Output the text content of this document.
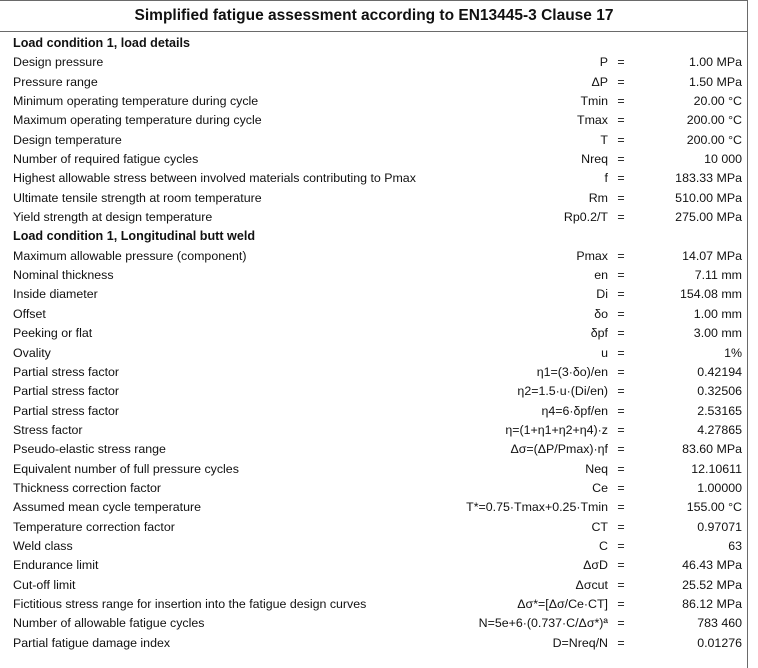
Simplified fatigue assessment according to EN13445-3 Clause 17
Load condition 1, load details
Design pressure	P =	1.00 MPa
Pressure range	ΔP =	1.50 MPa
Minimum operating temperature during cycle	Tmin =	20.00 °C
Maximum operating temperature during cycle	Tmax =	200.00 °C
Design temperature	T =	200.00 °C
Number of required fatigue cycles	Nreq =	10 000
Highest allowable stress between involved materials contributing to Pmax	f =	183.33 MPa
Ultimate tensile strength at room temperature	Rm =	510.00 MPa
Yield strength at design temperature	Rp0.2/T =	275.00 MPa
Load condition 1, Longitudinal butt weld
Maximum allowable pressure (component)	Pmax =	14.07 MPa
Nominal thickness	en =	7.11 mm
Inside diameter	Di =	154.08 mm
Offset	δo =	1.00 mm
Peeking or flat	δpf =	3.00 mm
Ovality	u =	1%
Partial stress factor	η1=(3·δo)/en =	0.42194
Partial stress factor	η2=1.5·u·(Di/en) =	0.32506
Partial stress factor	η4=6·δpf/en =	2.53165
Stress factor	η=(1+η1+η2+η4)·z =	4.27865
Pseudo-elastic stress range	Δσ=(ΔP/Pmax)·ηf =	83.60 MPa
Equivalent number of full pressure cycles	Neq =	12.10611
Thickness correction factor	Ce =	1.00000
Assumed mean cycle temperature	T*=0.75·Tmax+0.25·Tmin =	155.00 °C
Temperature correction factor	CT =	0.97071
Weld class	C =	63
Endurance limit	ΔσD =	46.43 MPa
Cut-off limit	Δσcut =	25.52 MPa
Fictitious stress range for insertion into the fatigue design curves	Δσ*=[Δσ/Ce·CT] =	86.12 MPa
Number of allowable fatigue cycles	N=5e+6·(0.737·C/Δσ*)ª =	783 460
Partial fatigue damage index	D=Nreq/N =	0.01276
